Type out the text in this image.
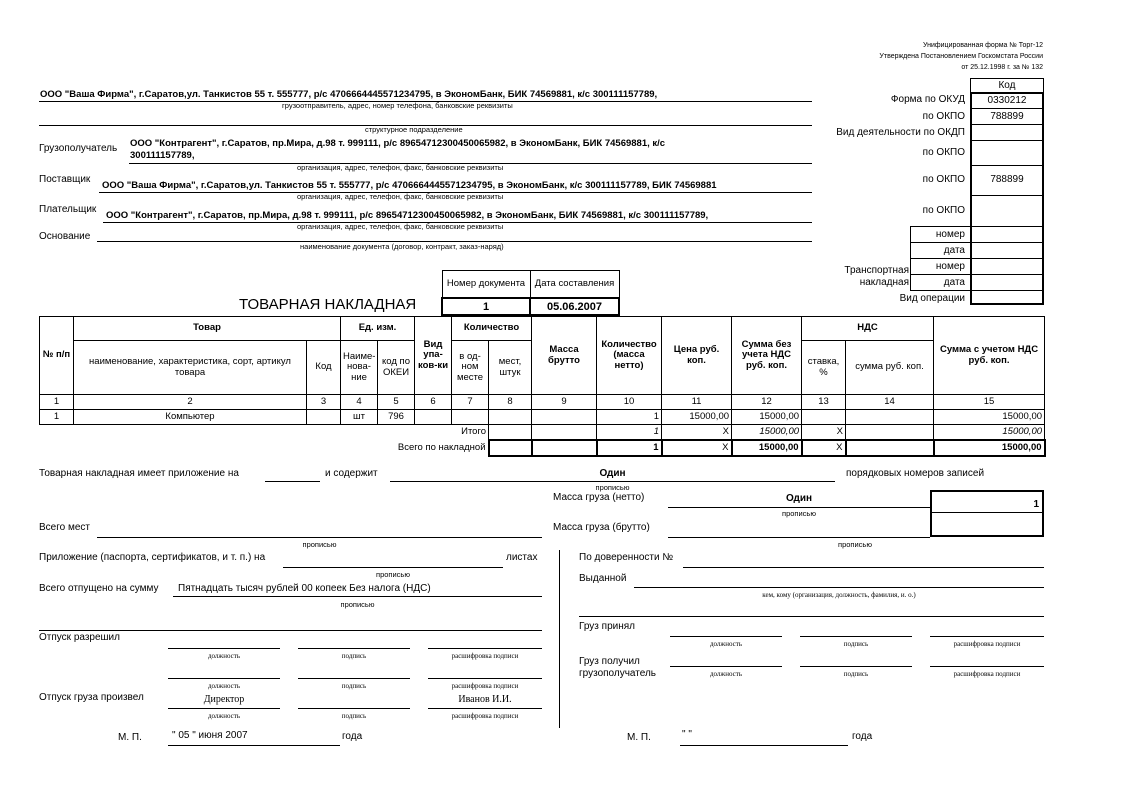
Унифицированная форма № Торг-12
Утверждена Постановлением Госкомстата России
от 25.12.1998 г. за № 132
Код
Форма по ОКУД	0330212
по ОКПО	788899
Вид деятельности по ОКДП
по ОКПО
по ОКПО	788899
по ОКПО
номер
дата
Транспортная
накладная
номер
дата
Вид операции
ООО "Ваша Фирма", г.Саратов,ул. Танкистов 55 т. 555777, р/с 4706664445571234795, в ЭкономБанк, БИК 74569881, к/с 300111157789,
грузоотправитель, адрес, номер телефона, банковские реквизиты
структурное подразделение
Грузополучатель ООО "Контрагент", г.Саратов, пр.Мира, д.98 т. 999111, р/с 89654712300450065982, в ЭкономБанк, БИК 74569881, к/с
300111157789,
организация, адрес, телефон, факс, банковские реквизиты
Поставщик
ООО "Ваша Фирма", г.Саратов,ул. Танкистов 55 т. 555777, р/с 4706664445571234795, в ЭкономБанк, к/с 300111157789, БИК 74569881
организация, адрес, телефон, факс, банковские реквизиты
Плательщик
ООО "Контрагент", г.Саратов, пр.Мира, д.98 т. 999111, р/с 89654712300450065982, в ЭкономБанк, БИК 74569881, к/с 300111157789,
организация, адрес, телефон, факс, банковские реквизиты
Основание
наименование документа (договор, контракт, заказ-наряд)
ТОВАРНАЯ НАКЛАДНАЯ
Номер документа	Дата составления
1	05.06.2007
№ п/п	Товар		Ед. изм.		Вид упа-ков-ки	Количество		Масса брутто	Количество (масса нетто)	Цена руб. коп.	Сумма без учета НДС руб. коп.	НДС		Сумма с учетом НДС руб. коп.
	наименование, характеристика, сорт, артикул товара	Код	Наиме-нова-ние	код по ОКЕИ		в од-ном месте	мест, штук					ставка, %	сумма руб. коп.	
1	2	3	4	5	6	7	8	9	10	11	12	13	14	15
1	Компьютер		шт	796					1	15000,00	15000,00			15000,00
Итого									1	X	15000,00	X		15000,00
Всего по накладной									1	X	15000,00	X		15000,00
Товарная накладная имеет приложение на	и содержит	Один
прописью
порядковых номеров записей
Масса груза (нетто)	Один
прописью
1
Всего мест
прописью
Масса груза (брутто)
прописью
Приложение (паспорта, сертификатов, и т. п.) на
прописью
листах
Всего отпущено на сумму Пятнадцать тысяч рублей 00 копеек Без налога (НДС)
прописью
Отпуск разрешил
должность	подпись	расшифровка подписи
должность	подпись	расшифровка подписи
Отпуск груза произвел	Директор	Иванов И.И.
должность	подпись	расшифровка подписи
М. П.	" 05 " июня 2007	года
По доверенности №
Выданной
кем, кому (организация, должность, фамилия, и. о.)
Груз принял
должность	подпись	расшифровка подписи
Груз получил
грузополучатель	должность	подпись	расшифровка подписи
М. П.	" "	года
